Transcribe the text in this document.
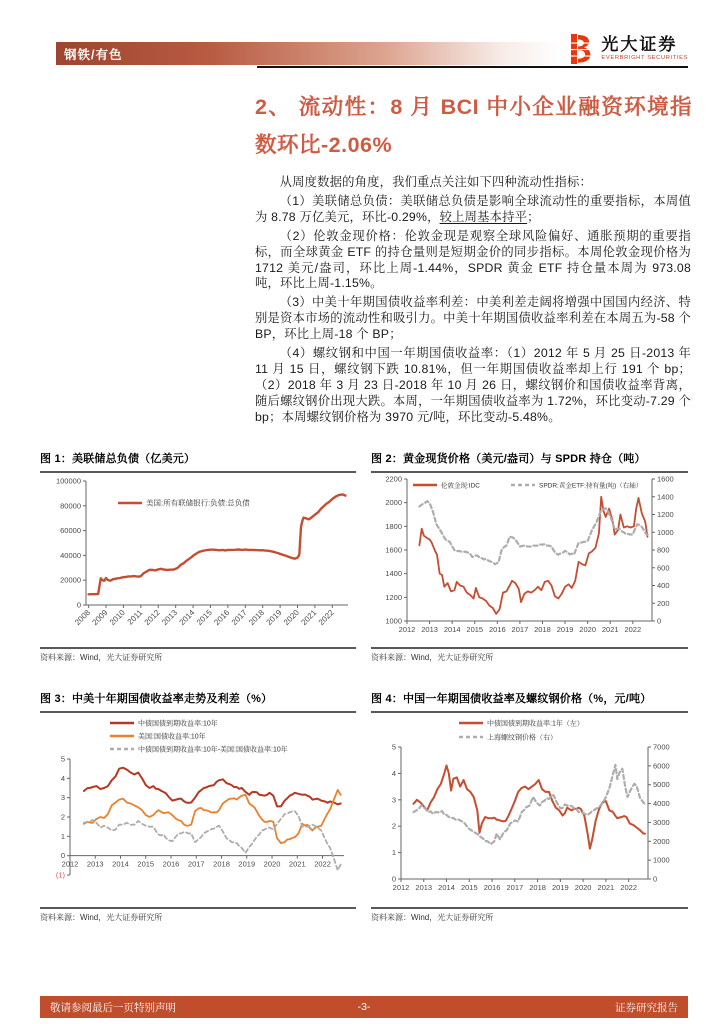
钢铁/有色
光大证券
EVERBRIGHT SECURITIES
2、 流动性：8 月 BCI 中小企业融资环境指数环比-2.06%

从周度数据的角度，我们重点关注如下四种流动性指标：

（1）美联储总负债：美联储总负债是影响全球流动性的重要指标，本周值为 8.78 万亿美元，环比-0.29%，较上周基本持平；

（2）伦敦金现价格：伦敦金现是观察全球风险偏好、通胀预期的重要指标，而全球黄金 ETF 的持仓量则是短期金价的同步指标。本周伦敦金现价格为 1712 美元/盎司，环比上周-1.44%，SPDR 黄金 ETF 持仓量本周为 973.08 吨，环比上周-1.15%。

（3）中美十年期国债收益率利差：中美利差走阔将增强中国国内经济、特别是资本市场的流动性和吸引力。中美十年期国债收益率利差在本周五为-58 个 BP，环比上周-18 个 BP；

（4）螺纹钢和中国一年期国债收益率：（1）2012 年 5 月 25 日-2013 年 11 月 15 日，螺纹钢下跌 10.81%，但一年期国债收益率却上行 191 个 bp；（2）2018 年 3 月 23 日-2018 年 10 月 26 日，螺纹钢价和国债收益率背离，随后螺纹钢价出现大跌。本周，一年期国债收益率为 1.72%，环比变动-7.29 个 bp；本周螺纹钢价格为 3970 元/吨，环比变动-5.48%。

图 1：美联储总负债（亿美元）
0
20000
40000
60000
80000
100000
2008
2009
2010
2011
2012
2013
2014
2015
2016
2017
2018
2019
2020
2021
2022
美国:所有联储银行:负债:总负债
资料来源：Wind，光大证券研究所
图 2：黄金现货价格（美元/盎司）与 SPDR 持仓（吨）
1000
1200
1400
1600
1800
2000
2200
0
200
400
600
800
1000
1200
1400
1600
2012 2013 2014 2015 2016 2017 2018 2019 2020 2021 2022
伦敦金现:IDC	SPDR:黄金ETF:持有量(吨)（右轴）
资料来源：Wind，光大证券研究所
图 3：中美十年期国债收益率走势及利差（%）
(1)
0
1
2
3
4
5
2012 2013 2014 2015 2016 2017 2018 2019 2020 2021 2022
中债国债到期收益率:10年
美国:国债收益率:10年
中债国债到期收益率:10年-美国:国债收益率:10年
资料来源：Wind，光大证券研究所
图 4：中国一年期国债收益率及螺纹钢价格（%，元/吨）
0
1
2
3
4
5
0
1000
2000
3000
4000
5000
6000
7000
2012 2013 2014 2015 2016 2017 2018 2019 2020 2021 2022
中债国债到期收益率:1年（左）
上海螺纹钢价格（右）
资料来源：Wind，光大证券研究所
敬请参阅最后一页特别声明	-3-	证券研究报告
